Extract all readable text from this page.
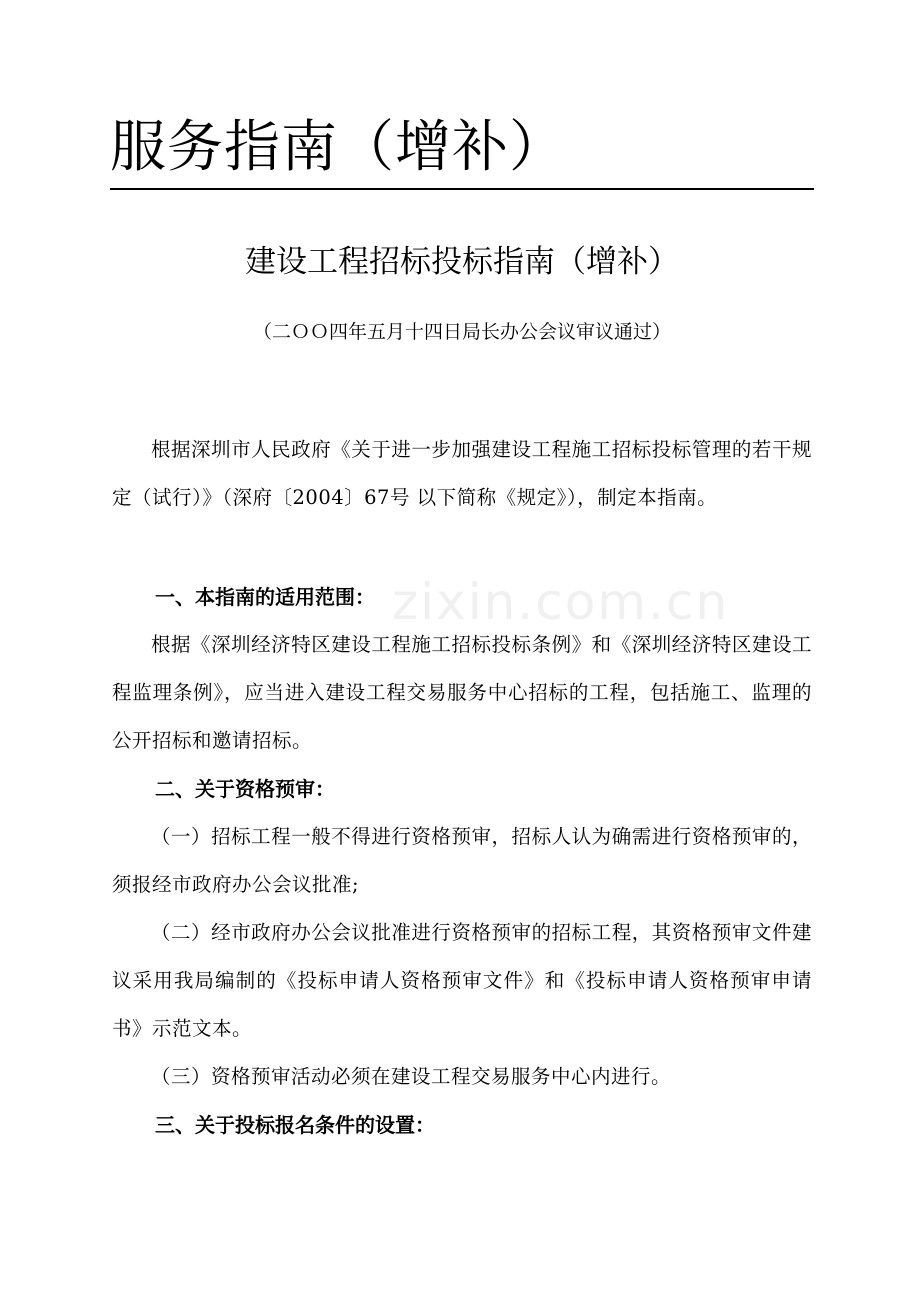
服务指南（增补）
建设工程招标投标指南（增补）

（二ＯＯ四年五月十四日局长办公会议审议通过）

根据深圳市人民政府《关于进一步加强建设工程施工招标投标管理的若干规定（试行）》（深府〔2004〕67号 以下简称《规定》），制定本指南。

一、本指南的适用范围：

根据《深圳经济特区建设工程施工招标投标条例》和《深圳经济特区建设工程监理条例》，应当进入建设工程交易服务中心招标的工程，包括施工、监理的公开招标和邀请招标。

二、关于资格预审：

（一）招标工程一般不得进行资格预审，招标人认为确需进行资格预审的，须报经市政府办公会议批准;

（二）经市政府办公会议批准进行资格预审的招标工程，其资格预审文件建议采用我局编制的《投标申请人资格预审文件》和《投标申请人资格预审申请书》示范文本。

（三）资格预审活动必须在建设工程交易服务中心内进行。

三、关于投标报名条件的设置：
zixin.com.cn
